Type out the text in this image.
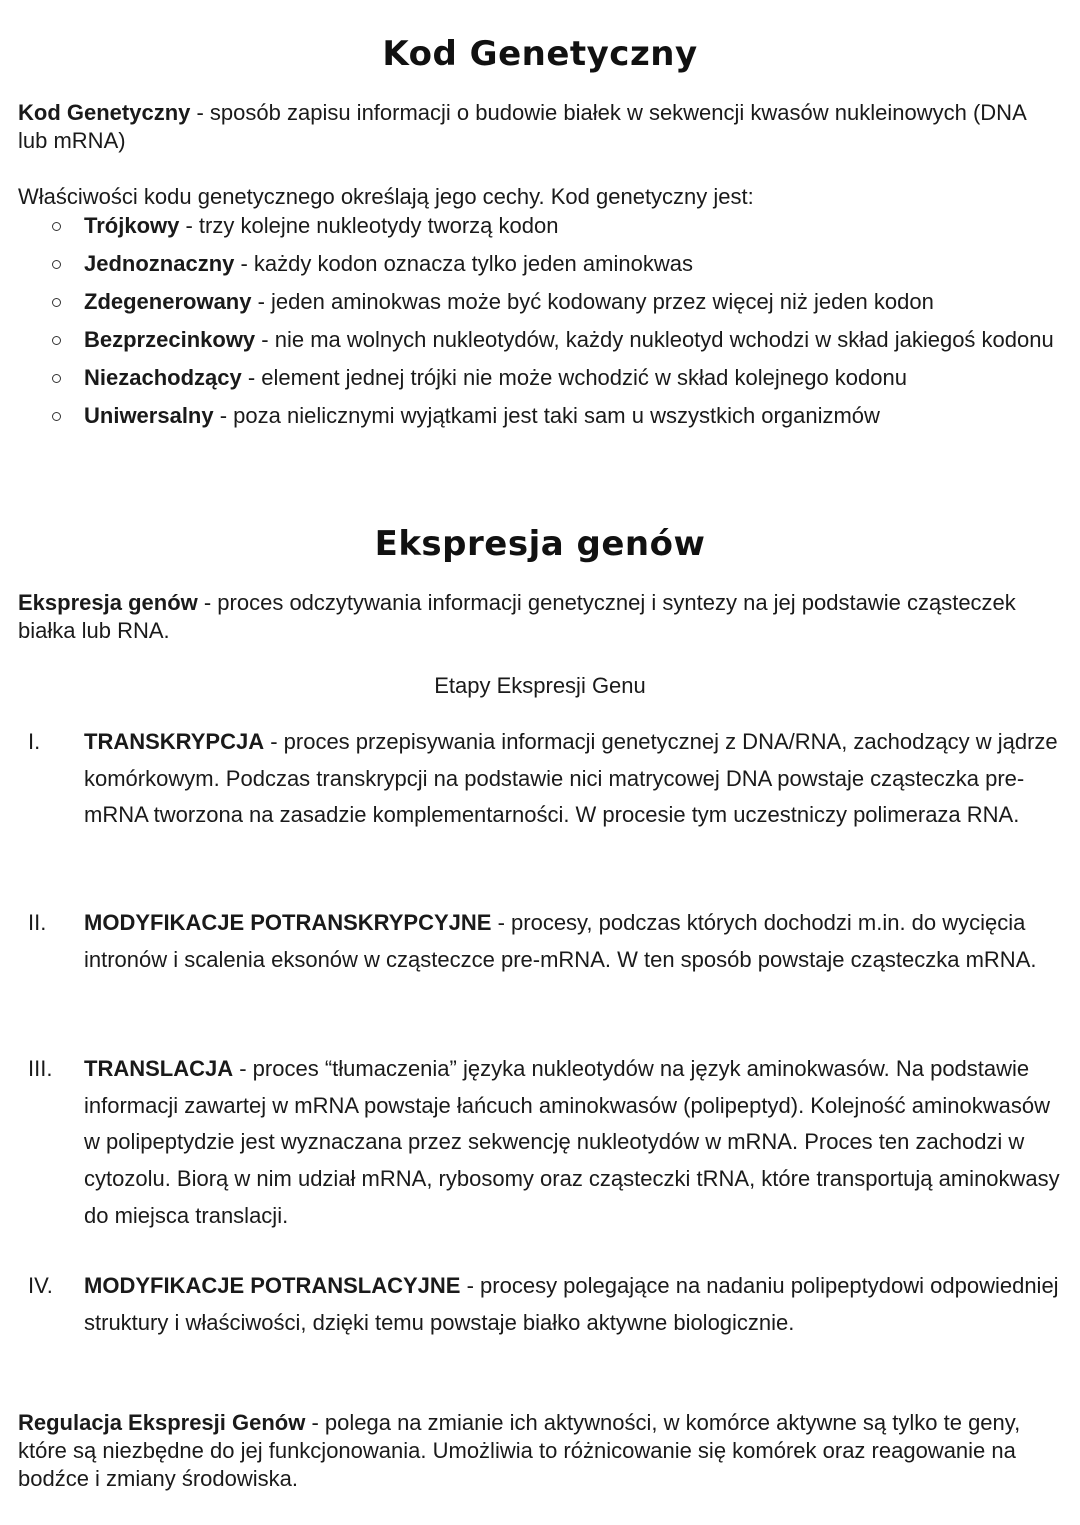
Kod Genetyczny
Kod Genetyczny - sposób zapisu informacji o budowie białek w sekwencji kwasów nukleinowych (DNA lub mRNA)
Właściwości kodu genetycznego określają jego cechy. Kod genetyczny jest:
Trójkowy - trzy kolejne nukleotydy tworzą kodon
Jednoznaczny - każdy kodon oznacza tylko jeden aminokwas
Zdegenerowany - jeden aminokwas może być kodowany przez więcej niż jeden kodon
Bezprzecinkowy - nie ma wolnych nukleotydów, każdy nukleotyd wchodzi w skład jakiegoś kodonu
Niezachodzący - element jednej trójki nie może wchodzić w skład kolejnego kodonu
Uniwersalny - poza nielicznymi wyjątkami jest taki sam u wszystkich organizmów
Ekspresja genów
Ekspresja genów - proces odczytywania informacji genetycznej i syntezy na jej podstawie cząsteczek białka lub RNA.
Etapy Ekspresji Genu
I. TRANSKRYPCJA - proces przepisywania informacji genetycznej z DNA/RNA, zachodzący w jądrze komórkowym. Podczas transkrypcji na podstawie nici matrycowej DNA powstaje cząsteczka pre-mRNA tworzona na zasadzie komplementarności. W procesie tym uczestniczy polimeraza RNA.
II. MODYFIKACJE POTRANSKRYPCYJNE - procesy, podczas których dochodzi m.in. do wycięcia intronów i scalenia eksonów w cząsteczce pre-mRNA. W ten sposób powstaje cząsteczka mRNA.
III. TRANSLACJA - proces “tłumaczenia” języka nukleotydów na język aminokwasów. Na podstawie informacji zawartej w mRNA powstaje łańcuch aminokwasów (polipeptyd). Kolejność aminokwasów w polipeptydzie jest wyznaczana przez sekwencję nukleotydów w mRNA. Proces ten zachodzi w cytozolu. Biorą w nim udział mRNA, rybosomy oraz cząsteczki tRNA, które transportują aminokwasy do miejsca translacji.
IV. MODYFIKACJE POTRANSLACYJNE - procesy polegające na nadaniu polipeptydowi odpowiedniej struktury i właściwości, dzięki temu powstaje białko aktywne biologicznie.
Regulacja Ekspresji Genów - polega na zmianie ich aktywności, w komórce aktywne są tylko te geny, które są niezbędne do jej funkcjonowania. Umożliwia to różnicowanie się komórek oraz reagowanie na bodźce i zmiany środowiska.
